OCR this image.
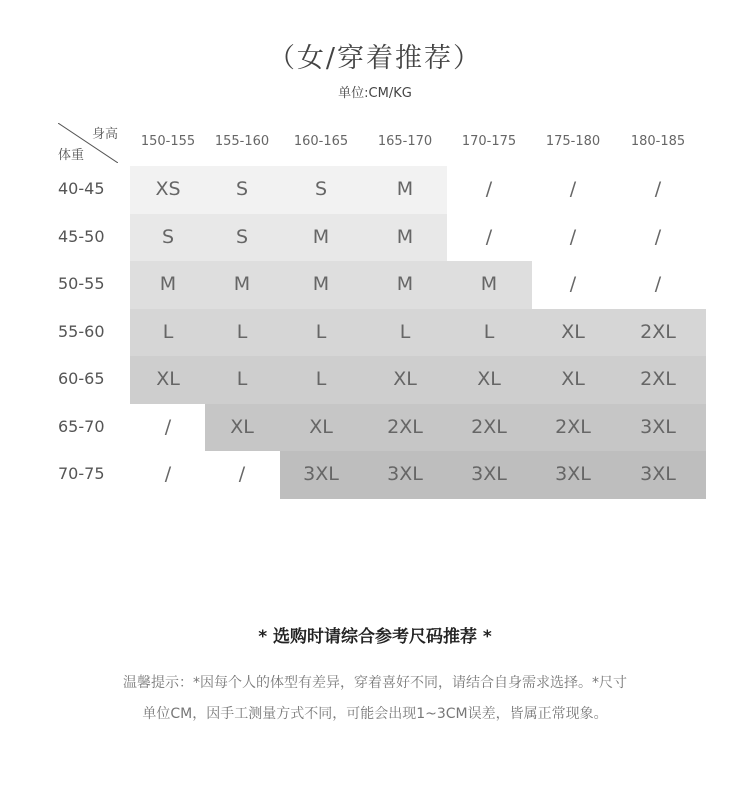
（女/穿着推荐）
单位:CM/KG
身高
体重
150-155	155-160	160-165	165-170	170-175	175-180	180-185
40-45	XS	S	S	M	/	/	/
45-50	S	S	M	M	/	/	/
50-55	M	M	M	M	M	/	/
55-60	L	L	L	L	L	XL	2XL
60-65	XL	L	L	XL	XL	XL	2XL
65-70	/	XL	XL	2XL	2XL	2XL	3XL
70-75	/	/	3XL	3XL	3XL	3XL	3XL
* 选购时请综合参考尺码推荐 *
温馨提示：*因每个人的体型有差异，穿着喜好不同，请结合自身需求选择。*尺寸
单位CM，因手工测量方式不同，可能会出现1~3CM误差，皆属正常现象。
